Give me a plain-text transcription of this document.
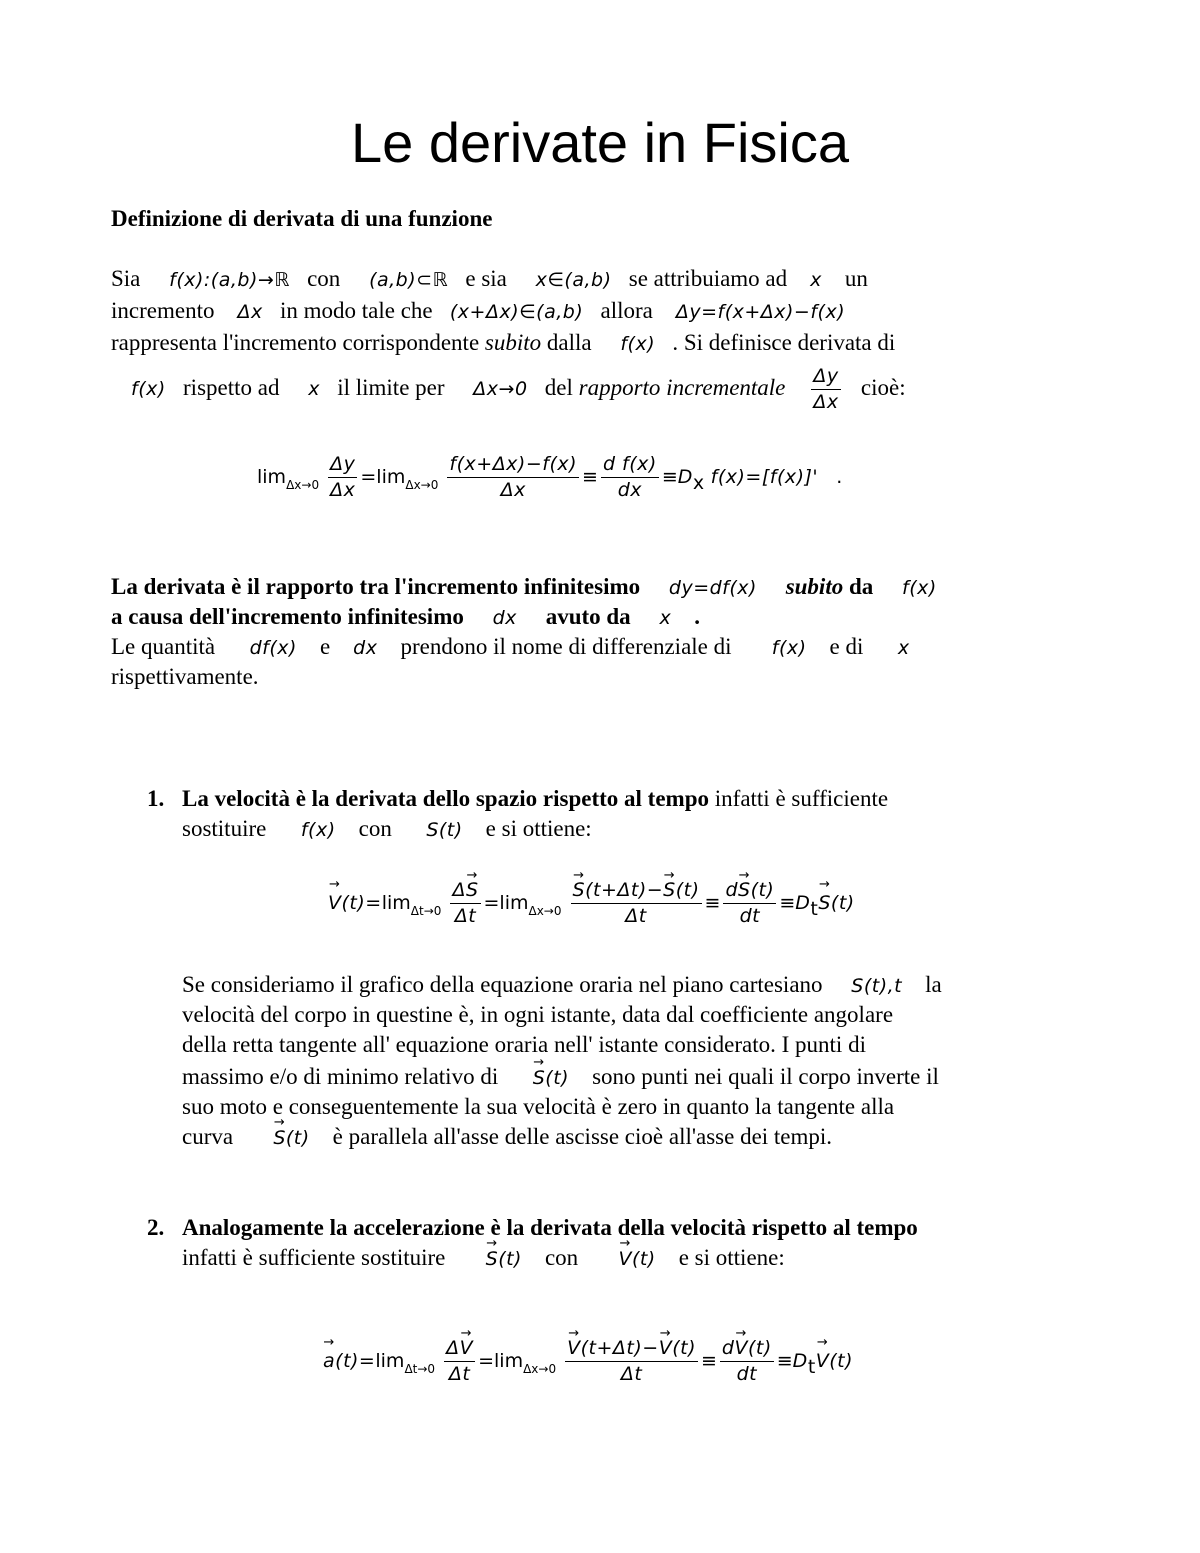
Le derivate in Fisica
Definizione di derivata di una funzione
Sia f(x):(a,b)→ℝ con (a,b)⊂ℝ e sia x∈(a,b) se attribuiamo ad x un
incremento Δx in modo tale che (x+Δx)∈(a,b) allora Δy=f(x+Δx)−f(x)
rappresenta l'incremento corrispondente subito dalla f(x) . Si definisce derivata di
f(x) rispetto ad x il limite per Δx→0 del rapporto incrementale $\frac{\Delta y}{\Delta x}$ cioè:
$\lim_{\Delta x\to 0} \frac{\Delta y}{\Delta x} =\lim_{\Delta x\to 0} \frac{f(x+\Delta x)-f(x)}{\Delta x} \equiv \frac{\text{d f(x)}}{dx} \equiv Dx$ f(x)=[f(x)]' .
La derivata è il rapporto tra l'incremento infinitesimo dy=df(x) subito da f(x)
a causa dell'incremento infinitesimo dx avuto da x .
Le quantità df(x) e dx prendono il nome di differenziale di f(x) e di x
rispettivamente.
1. La velocità è la derivata dello spazio rispetto al tempo infatti è sufficiente
sostituire f(x) con S(t) e si ottiene:
→ $V(t)=\lim_{\Delta t\to 0} \frac{\Delta\to S}{\Delta t} =\lim_{\Delta x\to 0}$
→ $\frac{S(t+\Delta t)-\to S(t)}{\Delta t} \equiv \frac{d\to S(t)}{dt} \equiv Dt\to S(t)$
Se consideriamo il grafico della equazione oraria nel piano cartesiano S(t),t la
velocità del corpo in questine è, in ogni istante, data dal coefficiente angolare
della retta tangente all' equazione oraria nell' istante considerato. I punti di
massimo e/o di minimo relativo di      → S(t) sono punti nei quali il corpo inverte il
suo moto e conseguentemente la sua velocità è zero in quanto la tangente alla
curva       → S(t) è parallela all'asse delle ascisse cioè all'asse dei tempi.
2. Analogamente la accelerazione è la derivata della velocità rispetto al tempo
infatti è sufficiente sostituire       → S(t) con       → V(t) e si ottiene:
→ $a(t)=\lim_{\Delta t\to 0} \frac{\Delta\to V}{\Delta t} =\lim_{\Delta x\to 0}$
→ $\frac{V(t+\Delta t)-\to V(t)}{\Delta t} \equiv \frac{d\to V(t)}{dt} \equiv Dt\to V(t)$
